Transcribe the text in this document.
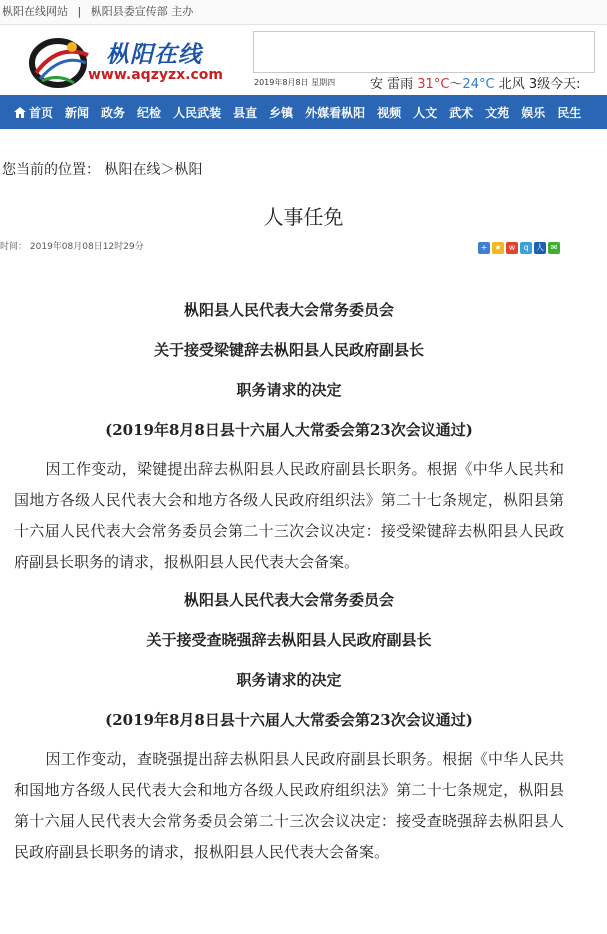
枞阳在线网站 | 枞阳县委宣传部 主办
枞阳在线
www.aqzyzx.com	2019年8月8日 星期四	安 雷雨 31°C～24°C 北风 3级今天:
首页	新闻	政务	纪检	人民武装	县直	乡镇	外媒看枞阳	视频	人文	武术	文苑	娱乐	民生
您当前的位置： 枞阳在线＞枞阳
人事任免
时间： 2019年08月08日12时29分	+ ★ w	q 人 ✉
枞阳县人民代表大会常务委员会
关于接受梁键辞去枞阳县人民政府副县长
职务请求的决定
(2019年8月8日县十六届人大常委会第23次会议通过)

因工作变动，梁键提出辞去枞阳县人民政府副县长职务。根据《中华人民共和国地方各级人民代表大会和地方各级人民政府组织法》第二十七条规定，枞阳县第十六届人民代表大会常务委员会第二十三次会议决定：接受梁键辞去枞阳县人民政府副县长职务的请求，报枞阳县人民代表大会备案。

枞阳县人民代表大会常务委员会
关于接受查晓强辞去枞阳县人民政府副县长
职务请求的决定
(2019年8月8日县十六届人大常委会第23次会议通过)

因工作变动，查晓强提出辞去枞阳县人民政府副县长职务。根据《中华人民共和国地方各级人民代表大会和地方各级人民政府组织法》第二十七条规定，枞阳县第十六届人民代表大会常务委员会第二十三次会议决定：接受查晓强辞去枞阳县人民政府副县长职务的请求，报枞阳县人民代表大会备案。
